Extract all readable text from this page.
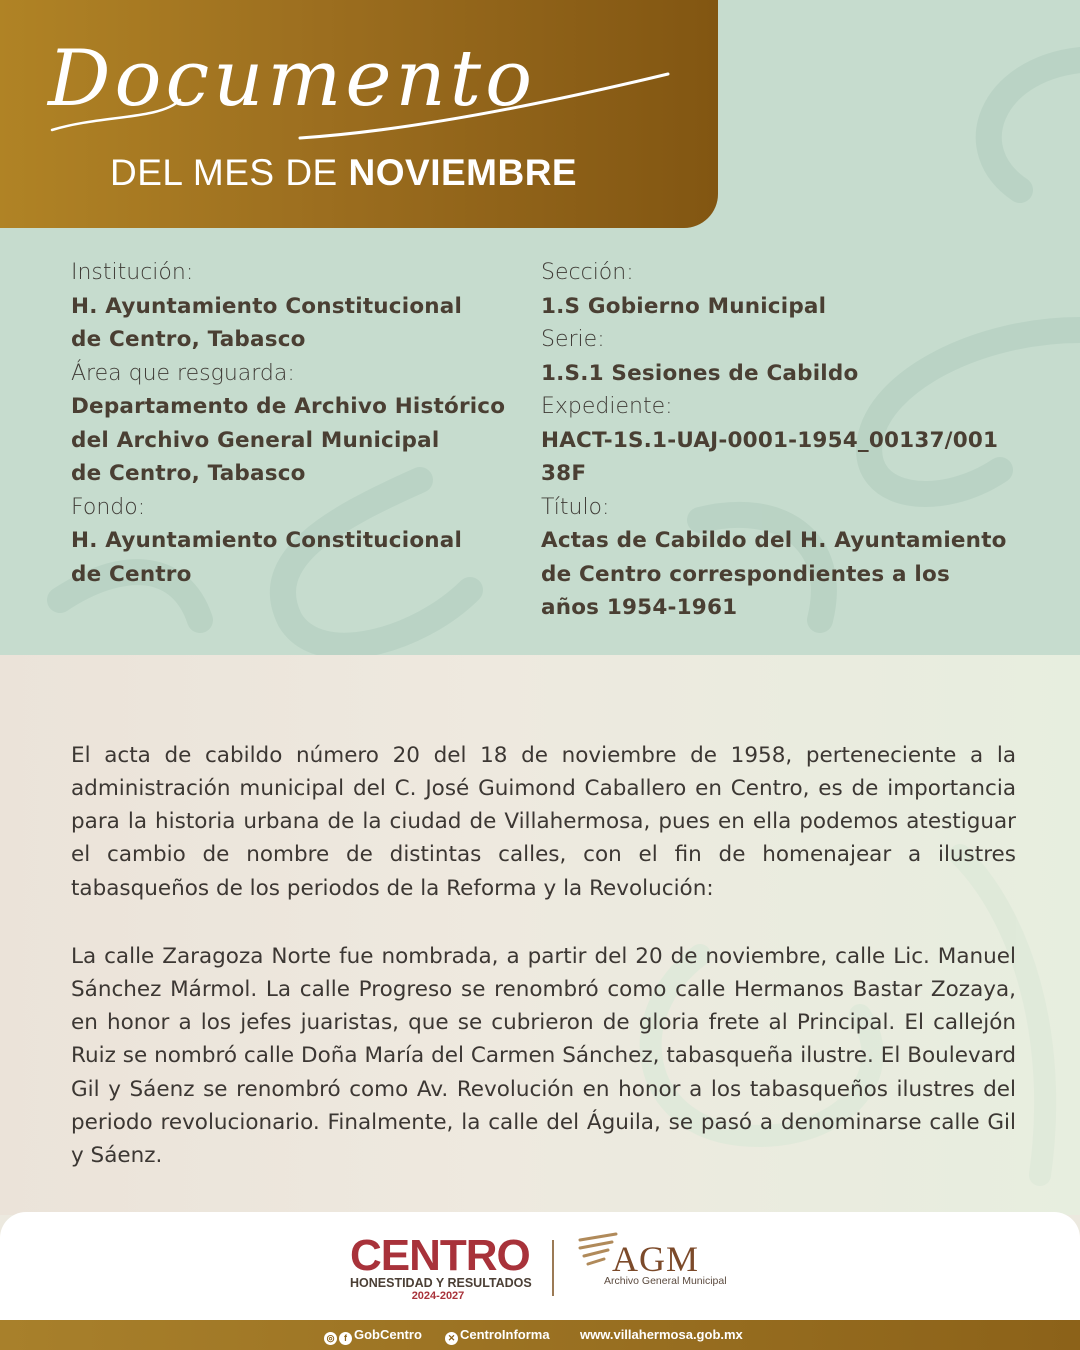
Documento
DEL MES DE NOVIEMBRE
Institución:
H. Ayuntamiento Constitucional
de Centro, Tabasco
Área que resguarda:
Departamento de Archivo Histórico
del Archivo General Municipal
de Centro, Tabasco
Fondo:
H. Ayuntamiento Constitucional
de Centro
Sección:
1.S Gobierno Municipal
Serie:
1.S.1 Sesiones de Cabildo
Expediente:
HACT-1S.1-UAJ-0001-1954_00137/001
38F
Título:
Actas de Cabildo del H. Ayuntamiento
de Centro correspondientes a los
años 1954-1961

El acta de cabildo número 20 del 18 de noviembre de 1958, perteneciente a la administración municipal del C. José Guimond Caballero en Centro, es de importancia para la historia urbana de la ciudad de Villahermosa, pues en ella podemos atestiguar el cambio de nombre de distintas calles, con el fin de homenajear a ilustres tabasqueños de los periodos de la Reforma y la Revolución:

La calle Zaragoza Norte fue nombrada, a partir del 20 de noviembre, calle Lic. Manuel Sánchez Mármol. La calle Progreso se renombró como calle Hermanos Bastar Zozaya, en honor a los jefes juaristas, que se cubrieron de gloria frete al Principal. El callejón Ruiz se nombró calle Doña María del Carmen Sánchez, tabasqueña ilustre. El Boulevard Gil y Sáenz se renombró como Av. Revolución en honor a los tabasqueños ilustres del periodo revolucionario. Finalmente, la calle del Águila, se pasó a denominarse calle Gil y Sáenz.

CENTRO
HONESTIDAD Y RESULTADOS
2024-2027
AGM
Archivo General Municipal
◎ f GobCentro	✕ CentroInforma www.villahermosa.gob.mx
